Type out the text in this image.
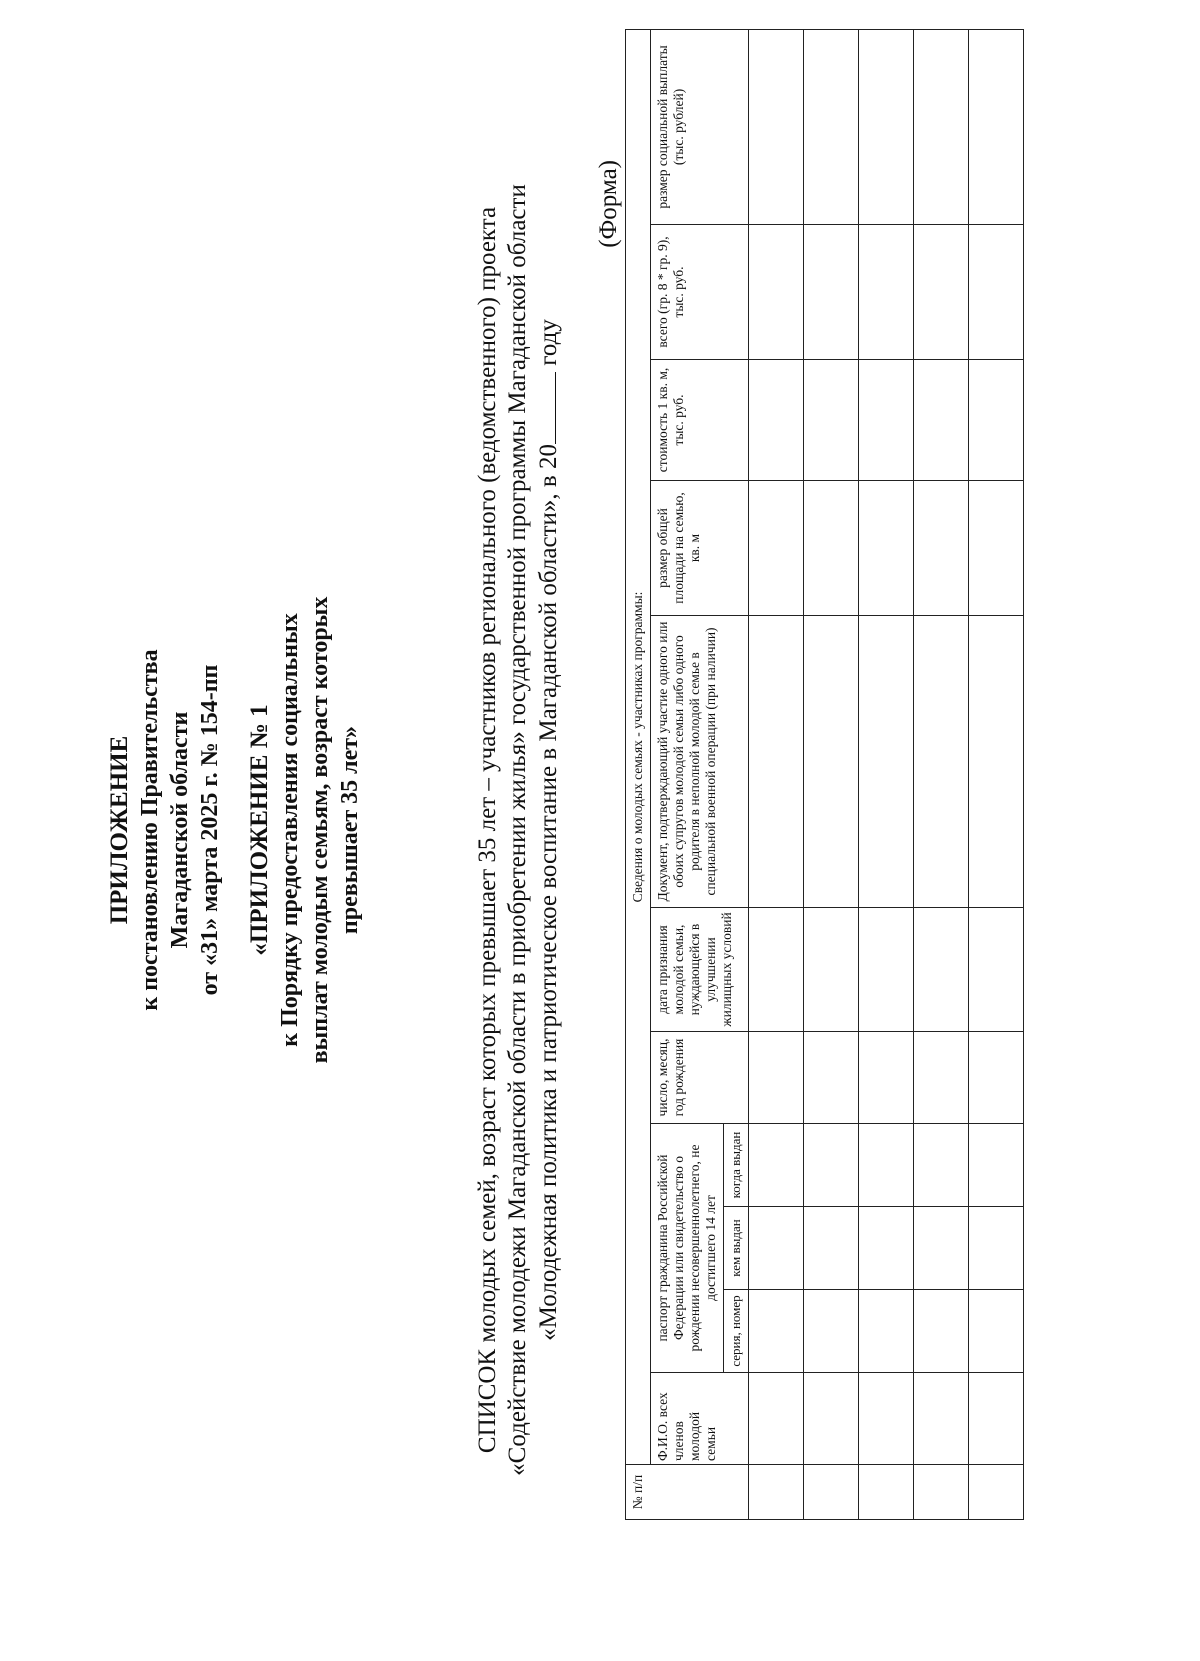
ПРИЛОЖЕНИЕ к постановлению Правительства Магаданской области от «31» марта 2025 г. № 154-пп «ПРИЛОЖЕНИЕ № 1 к Порядку предоставления социальных выплат молодым семьям, возраст которых превышает 35 лет»	СПИСОК молодых семей, возраст которых превышает 35 лет – участников регионального (ведомственного) проекта «Содействие молодежи Магаданской области в приобретении жилья» государственной программы Магаданской области «Молодежная политика и патриотическое воспитание в Магаданской области», в 20 году
(Форма)
№ п/п	Сведения о молодых семьях - участниках программы:										
	Ф.И.О. всех членов молодой семьи	паспорт гражданина Российской Федерации или свидетельство о рождении несовершеннолетнего, не достигшего 14 лет			число, месяц, год рождения	дата признания молодой семьи, нуждающейся в улучшении жилищных условий	Документ, подтверждающий участие одного или обоих супругов молодой семьи либо одного родителя в неполной молодой семье в специальной военной операции (при наличии)	размер общей площади на семью, кв. м	стоимость 1 кв. м, тыс. руб.	всего (гр. 8 * гр. 9), тыс. руб.	размер социальной выплаты (тыс. рублей)
		серия, номер	кем выдан	когда выдан							
